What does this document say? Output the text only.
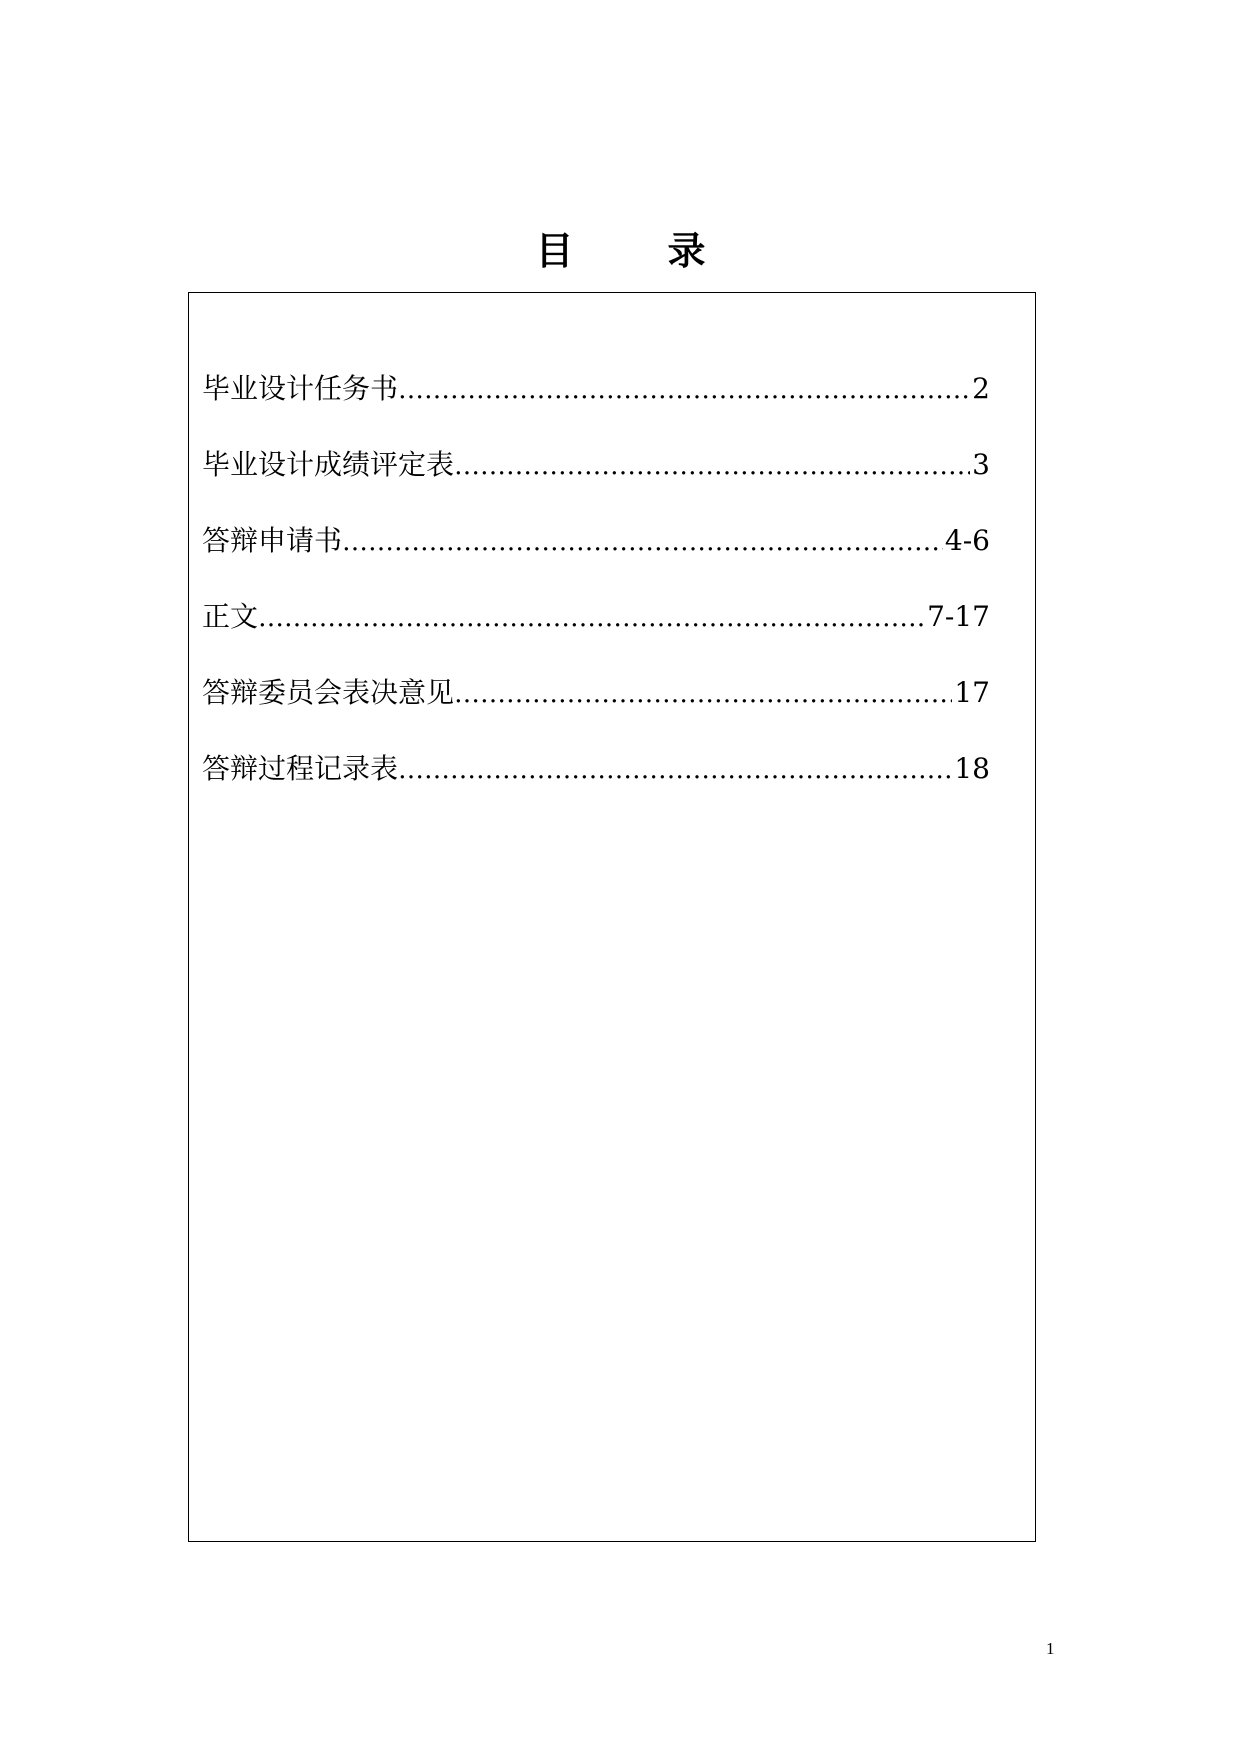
目 录
毕业设计任务书 ………………………………………………………………………………………………………………………………………………………………………………	2
毕业设计成绩评定表 ………………………………………………………………………………………………………………………………………………………………………………	3
答辩申请书 ………………………………………………………………………………………………………………………………………………………………………………	4-6
正文 ………………………………………………………………………………………………………………………………………………………………………………	7-17
答辩委员会表决意见 ………………………………………………………………………………………………………………………………………………………………………………	17
答辩过程记录表 ………………………………………………………………………………………………………………………………………………………………………………	18
1
